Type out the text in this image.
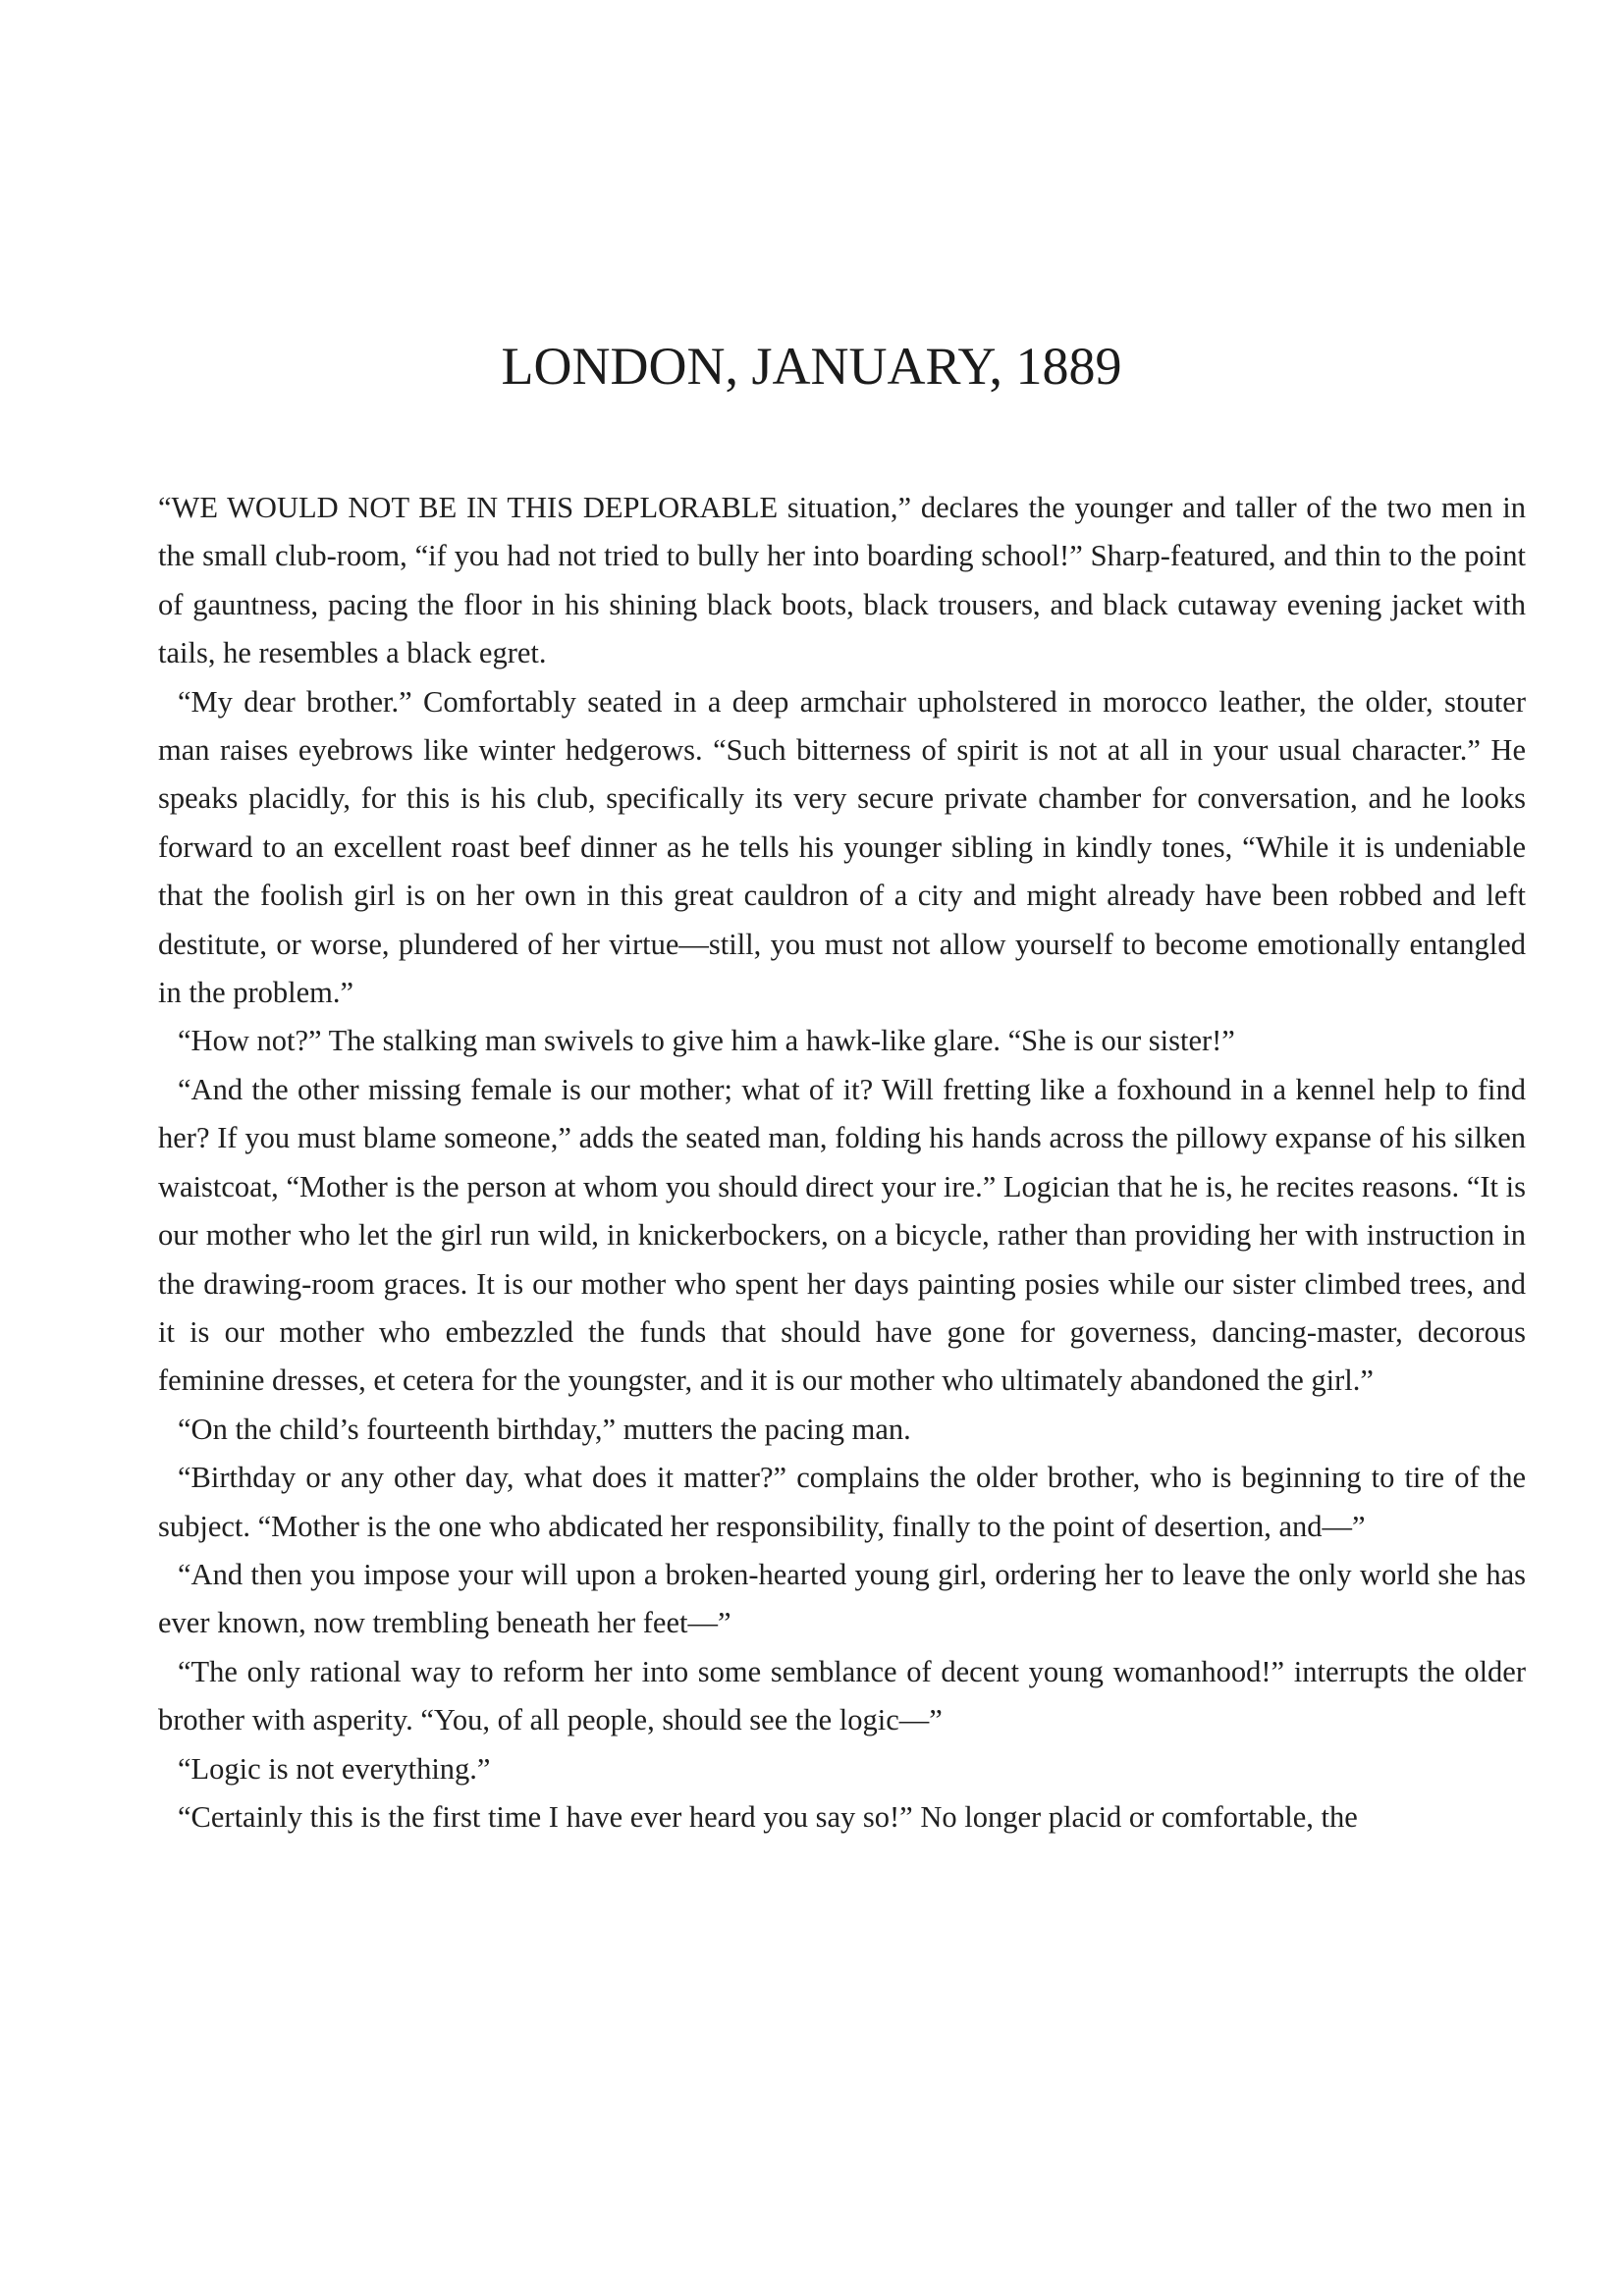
LONDON, JANUARY, 1889

“WE WOULD NOT BE IN THIS DEPLORABLE situation,” declares the younger and taller of the two men in the small club-room, “if you had not tried to bully her into boarding school!” Sharp-featured, and thin to the point of gauntness, pacing the floor in his shining black boots, black trousers, and black cutaway evening jacket with tails, he resembles a black egret.

“My dear brother.” Comfortably seated in a deep armchair upholstered in morocco leather, the older, stouter man raises eyebrows like winter hedgerows. “Such bitterness of spirit is not at all in your usual character.” He speaks placidly, for this is his club, specifically its very secure private chamber for conversation, and he looks forward to an excellent roast beef dinner as he tells his younger sibling in kindly tones, “While it is undeniable that the foolish girl is on her own in this great cauldron of a city and might already have been robbed and left destitute, or worse, plundered of her virtue—still, you must not allow yourself to become emotionally entangled in the problem.”

“How not?” The stalking man swivels to give him a hawk-like glare. “She is our sister!”

“And the other missing female is our mother; what of it? Will fretting like a foxhound in a kennel help to find her? If you must blame someone,” adds the seated man, folding his hands across the pillowy expanse of his silken waistcoat, “Mother is the person at whom you should direct your ire.” Logician that he is, he recites reasons. “It is our mother who let the girl run wild, in knickerbockers, on a bicycle, rather than providing her with instruction in the drawing-room graces. It is our mother who spent her days painting posies while our sister climbed trees, and it is our mother who embezzled the funds that should have gone for governess, dancing-master, decorous feminine dresses, et cetera for the youngster, and it is our mother who ultimately abandoned the girl.”

“On the child’s fourteenth birthday,” mutters the pacing man.

“Birthday or any other day, what does it matter?” complains the older brother, who is beginning to tire of the subject. “Mother is the one who abdicated her responsibility, finally to the point of desertion, and—”

“And then you impose your will upon a broken-hearted young girl, ordering her to leave the only world she has ever known, now trembling beneath her feet—”

“The only rational way to reform her into some semblance of decent young womanhood!” interrupts the older brother with asperity. “You, of all people, should see the logic—”

“Logic is not everything.”

“Certainly this is the first time I have ever heard you say so!” No longer placid or comfortable, the
